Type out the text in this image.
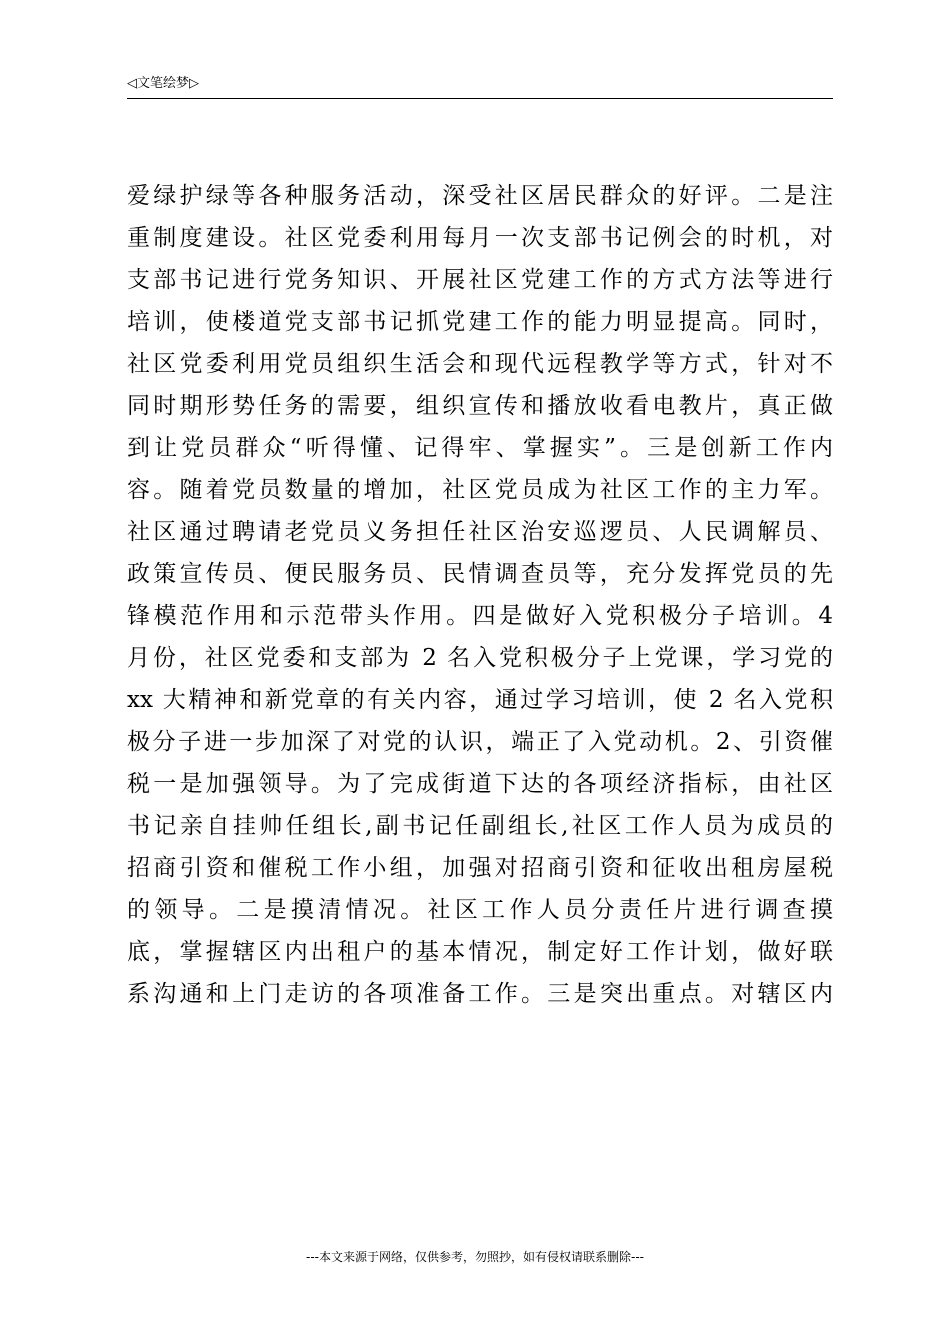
◁文笔绘梦▷
爱绿护绿等各种服务活动，深受社区居民群众的好评。二是注
重制度建设。社区党委利用每月一次支部书记例会的时机，对
支部书记进行党务知识、开展社区党建工作的方式方法等进行
培训，使楼道党支部书记抓党建工作的能力明显提高。同时，
社区党委利用党员组织生活会和现代远程教学等方式，针对不
同时期形势任务的需要，组织宣传和播放收看电教片，真正做
到让党员群众“听得懂、记得牢、掌握实”。三是创新工作内
容。随着党员数量的增加，社区党员成为社区工作的主力军。
社区通过聘请老党员义务担任社区治安巡逻员、人民调解员、
政策宣传员、便民服务员、民情调查员等，充分发挥党员的先
锋模范作用和示范带头作用。四是做好入党积极分子培训。4
月份，社区党委和支部为 2 名入党积极分子上党课，学习党的
xx 大精神和新党章的有关内容，通过学习培训，使 2 名入党积
极分子进一步加深了对党的认识，端正了入党动机。2、引资催
税一是加强领导。为了完成街道下达的各项经济指标，由社区
书记亲自挂帅任组长,副书记任副组长,社区工作人员为成员的
招商引资和催税工作小组，加强对招商引资和征收出租房屋税
的领导。二是摸清情况。社区工作人员分责任片进行调查摸
底，掌握辖区内出租户的基本情况，制定好工作计划，做好联
系沟通和上门走访的各项准备工作。三是突出重点。对辖区内
---本文来源于网络，仅供参考，勿照抄，如有侵权请联系删除---
